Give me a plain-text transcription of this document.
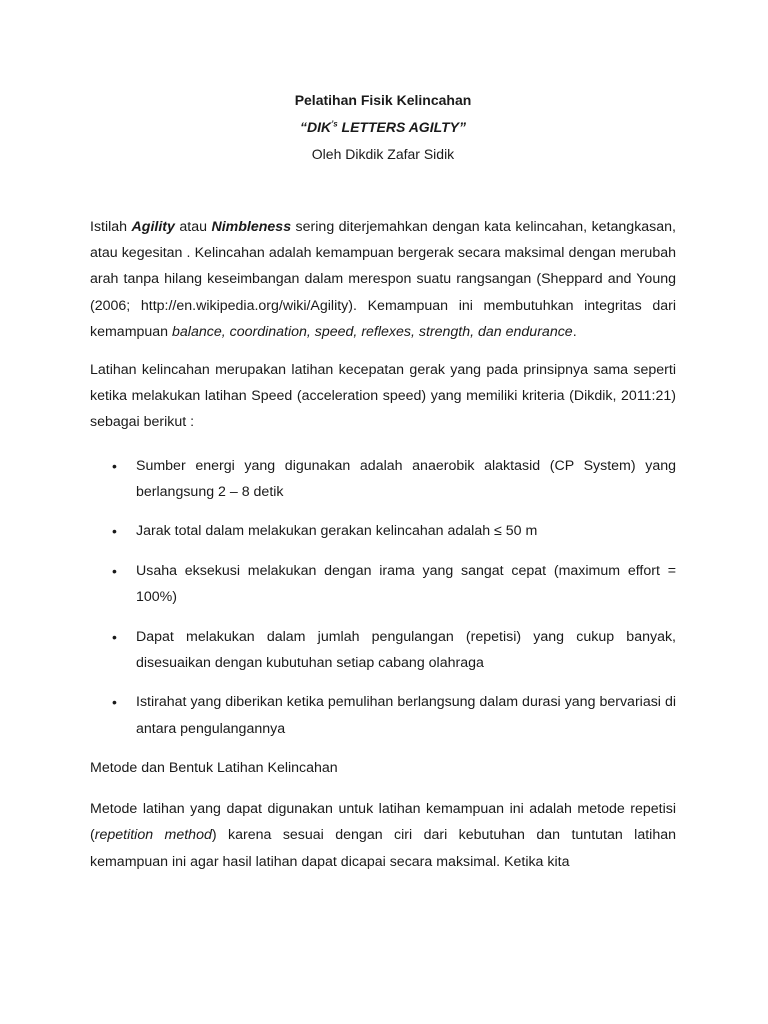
Pelatihan Fisik Kelincahan

“$DIK^{’s}$ LETTERS AGILTY”

Oleh Dikdik Zafar Sidik

Istilah Agility atau Nimbleness sering diterjemahkan dengan kata kelincahan, ketangkasan, atau kegesitan . Kelincahan adalah kemampuan bergerak secara maksimal dengan merubah arah tanpa hilang keseimbangan dalam merespon suatu rangsangan (Sheppard and Young (2006; http://en.wikipedia.org/wiki/Agility). Kemampuan ini membutuhkan integritas dari kemampuan balance, coordination, speed, reflexes, strength, dan endurance.

Latihan kelincahan merupakan latihan kecepatan gerak yang pada prinsipnya sama seperti ketika melakukan latihan Speed (acceleration speed) yang memiliki kriteria (Dikdik, 2011:21) sebagai berikut :

• Sumber energi yang digunakan adalah anaerobik alaktasid (CP System) yang berlangsung 2 – 8 detik
• Jarak total dalam melakukan gerakan kelincahan adalah ≤ 50 m
• Usaha eksekusi melakukan dengan irama yang sangat cepat (maximum effort = 100%)
• Dapat melakukan dalam jumlah pengulangan (repetisi) yang cukup banyak, disesuaikan dengan kubutuhan setiap cabang olahraga
• Istirahat yang diberikan ketika pemulihan berlangsung dalam durasi yang bervariasi di antara pengulangannya

Metode dan Bentuk Latihan Kelincahan

Metode latihan yang dapat digunakan untuk latihan kemampuan ini adalah metode repetisi (repetition method) karena sesuai dengan ciri dari kebutuhan dan tuntutan latihan kemampuan ini agar hasil latihan dapat dicapai secara maksimal. Ketika kita
